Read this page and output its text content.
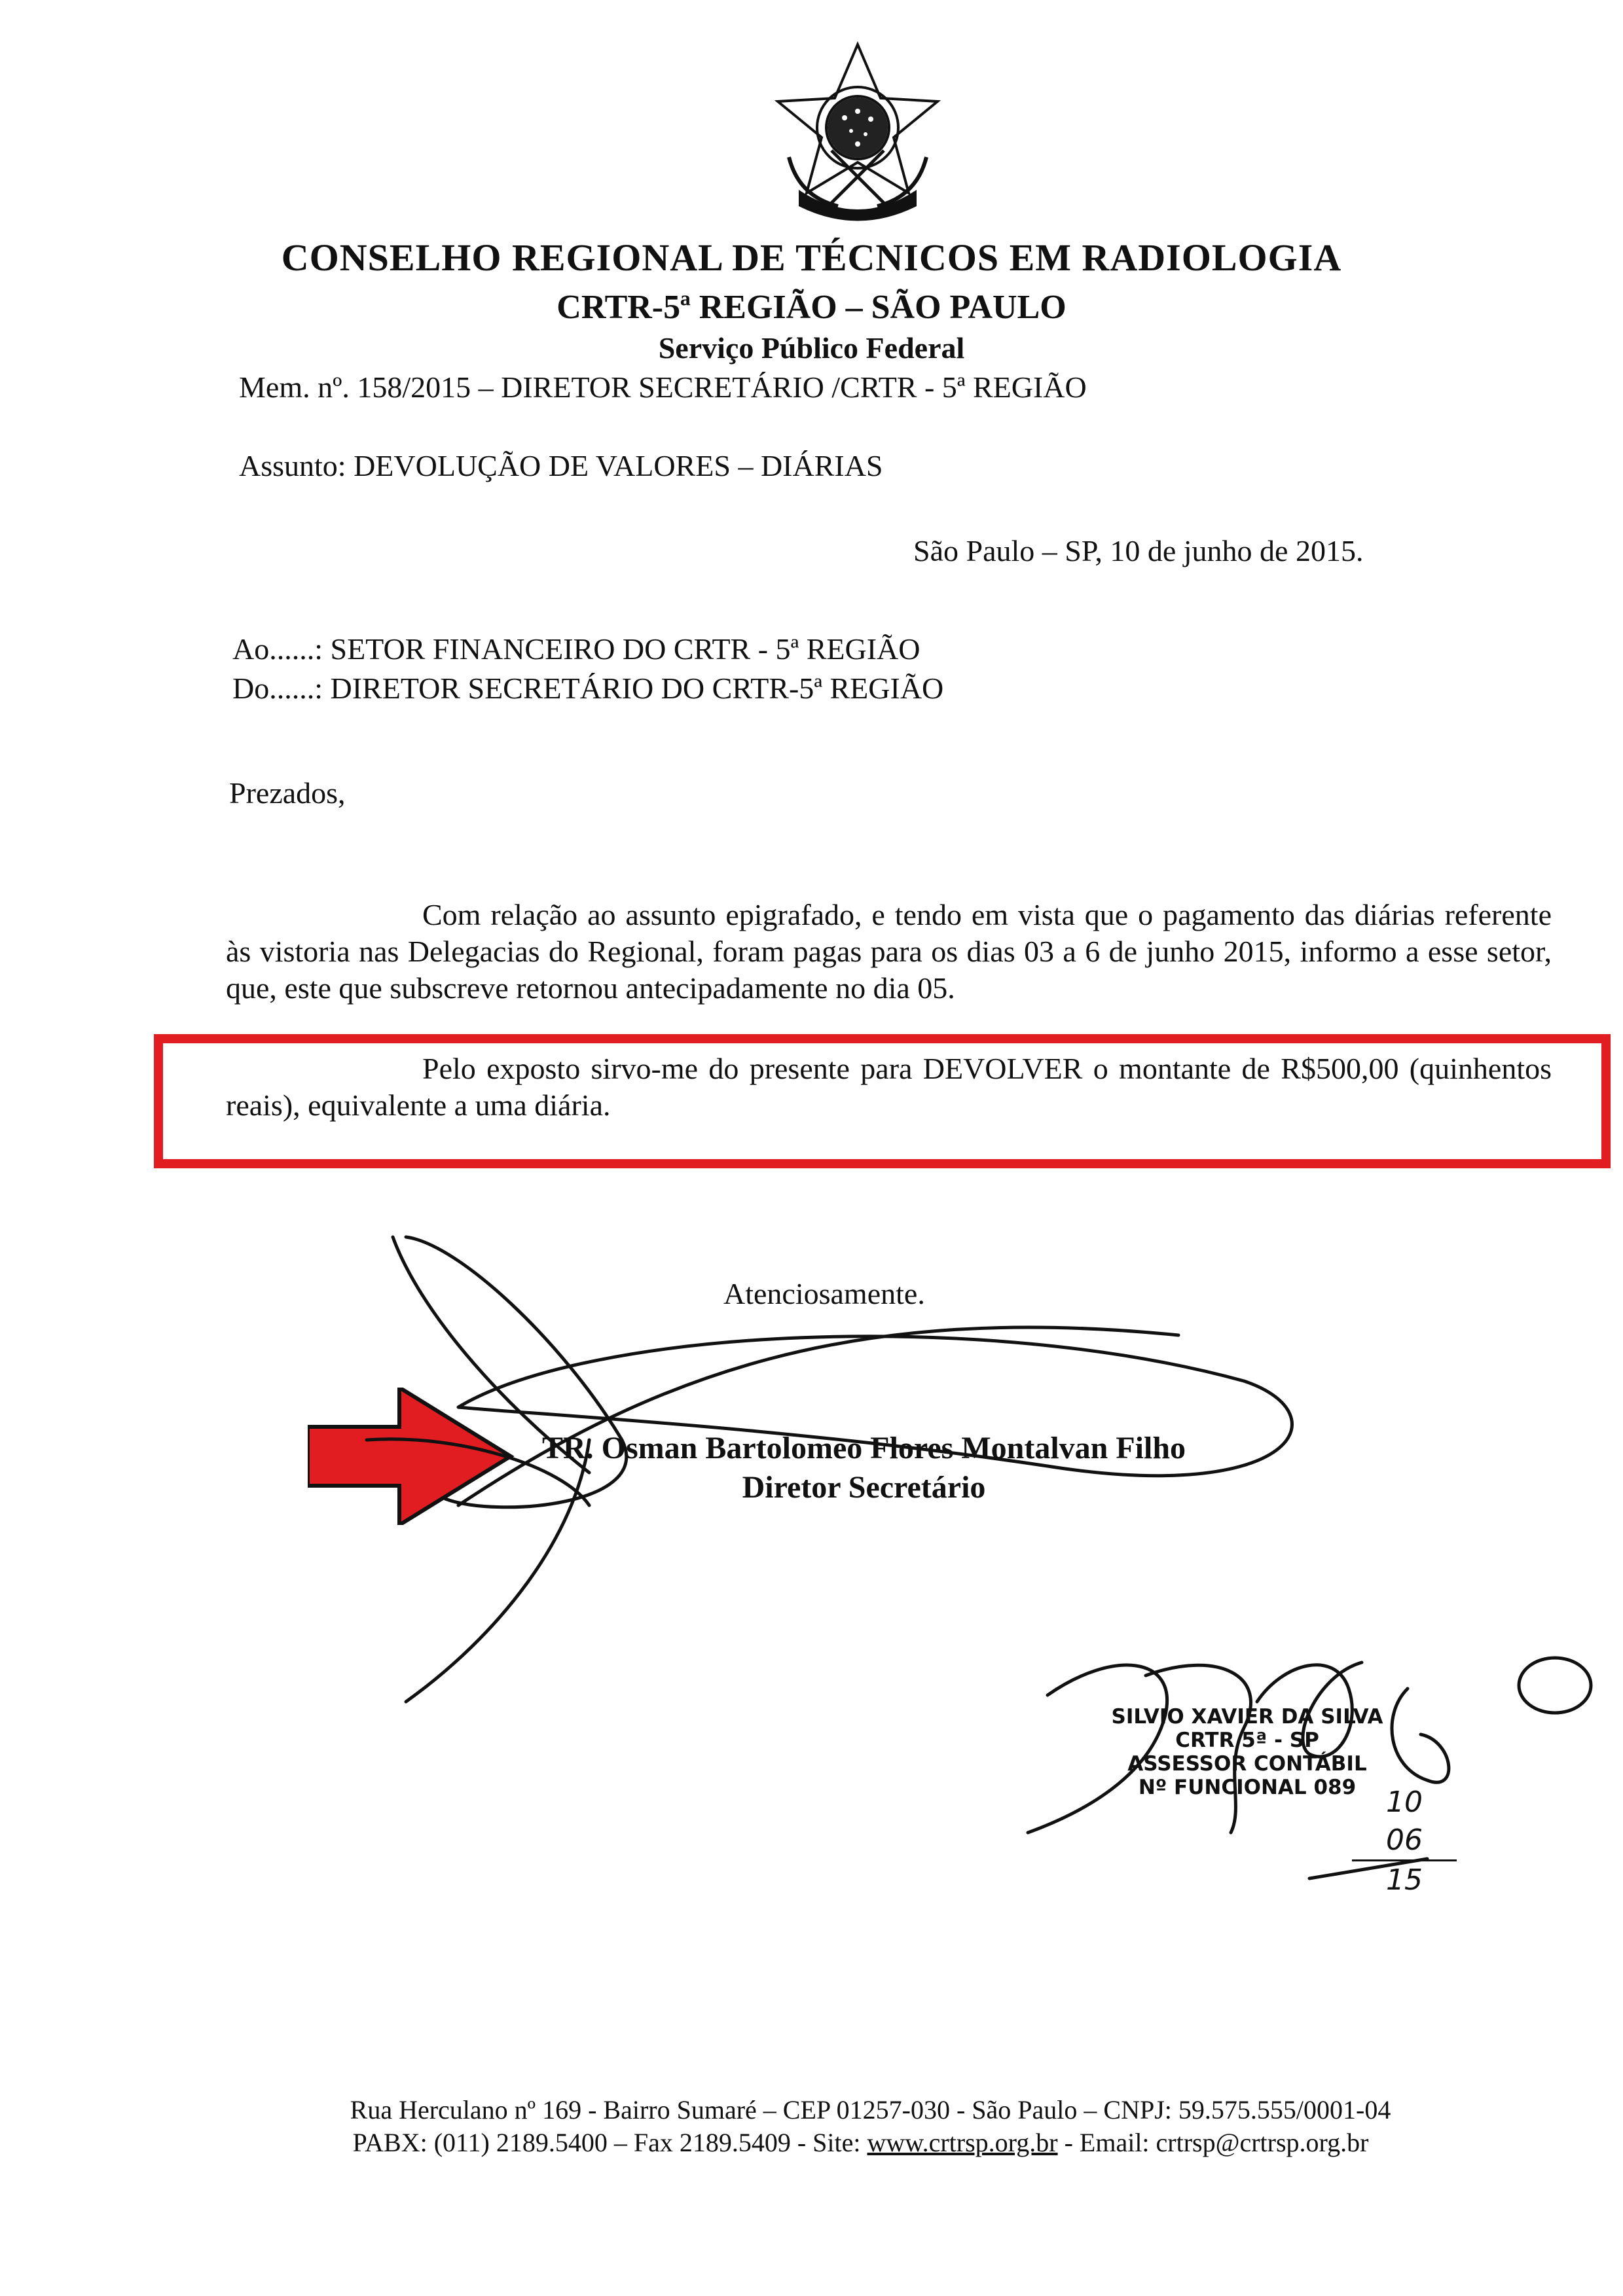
CONSELHO REGIONAL DE TÉCNICOS EM RADIOLOGIA
CRTR-5ª REGIÃO – SÃO PAULO
Serviço Público Federal
Mem. nº. 158/2015 – DIRETOR SECRETÁRIO /CRTR - 5ª REGIÃO
Assunto: DEVOLUÇÃO DE VALORES – DIÁRIAS
São Paulo – SP, 10 de junho de 2015.
Ao......: SETOR FINANCEIRO DO CRTR - 5ª REGIÃO
Do......: DIRETOR SECRETÁRIO DO CRTR-5ª REGIÃO
Prezados,
Com relação ao assunto epigrafado, e tendo em vista que o pagamento das diárias referente às vistoria nas Delegacias do Regional, foram pagas para os dias 03 a 6 de junho 2015, informo a esse setor, que, este que subscreve retornou antecipadamente no dia 05.
Pelo exposto sirvo-me do presente para DEVOLVER o montante de R$500,00 (quinhentos reais), equivalente a uma diária.
Atenciosamente.
TR. Osman Bartolomeo Flores Montalvan Filho
Diretor Secretário
SILVIO XAVIER DA SILVA
CRTR 5ª - SP
ASSESSOR CONTÁBIL
Nº FUNCIONAL 089	10
06
15
Rua Herculano nº 169 - Bairro Sumaré – CEP 01257-030 - São Paulo – CNPJ: 59.575.555/0001-04
PABX: (011) 2189.5400 – Fax 2189.5409 - Site: www.crtrsp.org.br - Email: crtrsp@crtrsp.org.br
